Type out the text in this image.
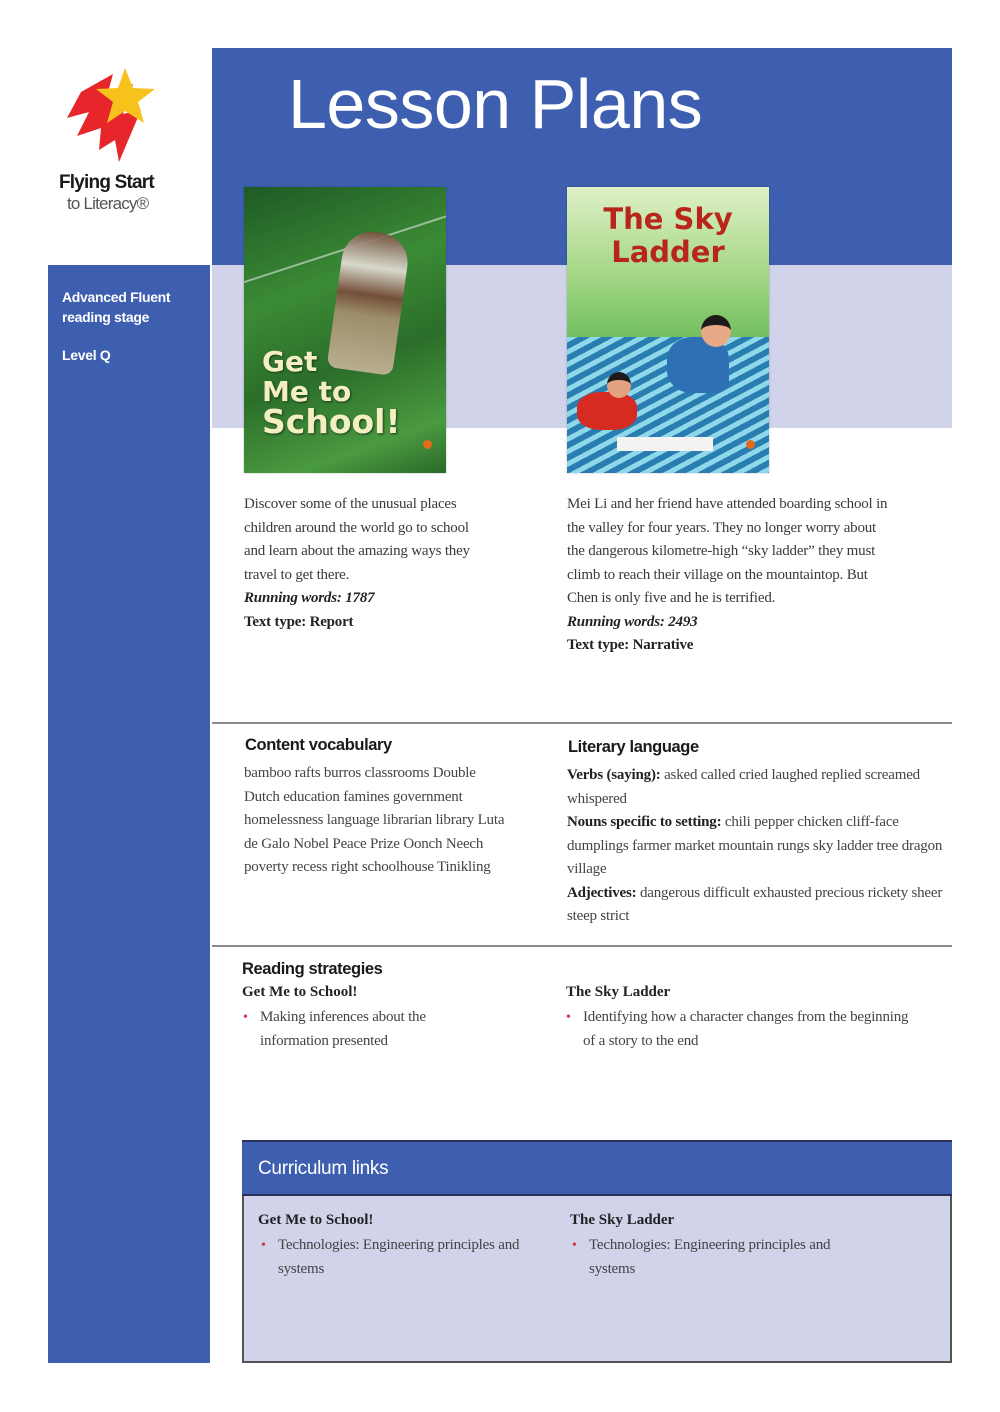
Flying Start
to Literacy®
Advanced Fluent reading stage
Level Q
Lesson Plans
Get
Me to
School!
The Sky
Ladder
Discover some of the unusual places children around the world go to school and learn about the amazing ways they travel to get there.
Running words: 1787
Text type: Report
Mei Li and her friend have attended boarding school in the valley for four years. They no longer worry about the dangerous kilometre-high “sky ladder” they must climb to reach their village on the mountaintop. But Chen is only five and he is terrified.
Running words: 2493
Text type: Narrative
Content vocabulary
bamboo rafts burros classrooms Double Dutch education famines government homelessness language librarian library Luta de Galo Nobel Peace Prize Oonch Neech poverty recess right schoolhouse Tinikling
Literary language
Verbs (saying): asked called cried laughed replied screamed whispered
Nouns specific to setting: chili pepper chicken cliff-face dumplings farmer market mountain rungs sky ladder tree dragon village
Adjectives: dangerous difficult exhausted precious rickety sheer steep strict
Reading strategies
Get Me to School!
• Making inferences about the information presented
The Sky Ladder
• Identifying how a character changes from the beginning of a story to the end
Curriculum links
Get Me to School!
• Technologies: Engineering principles and systems
The Sky Ladder
• Technologies: Engineering principles and systems
